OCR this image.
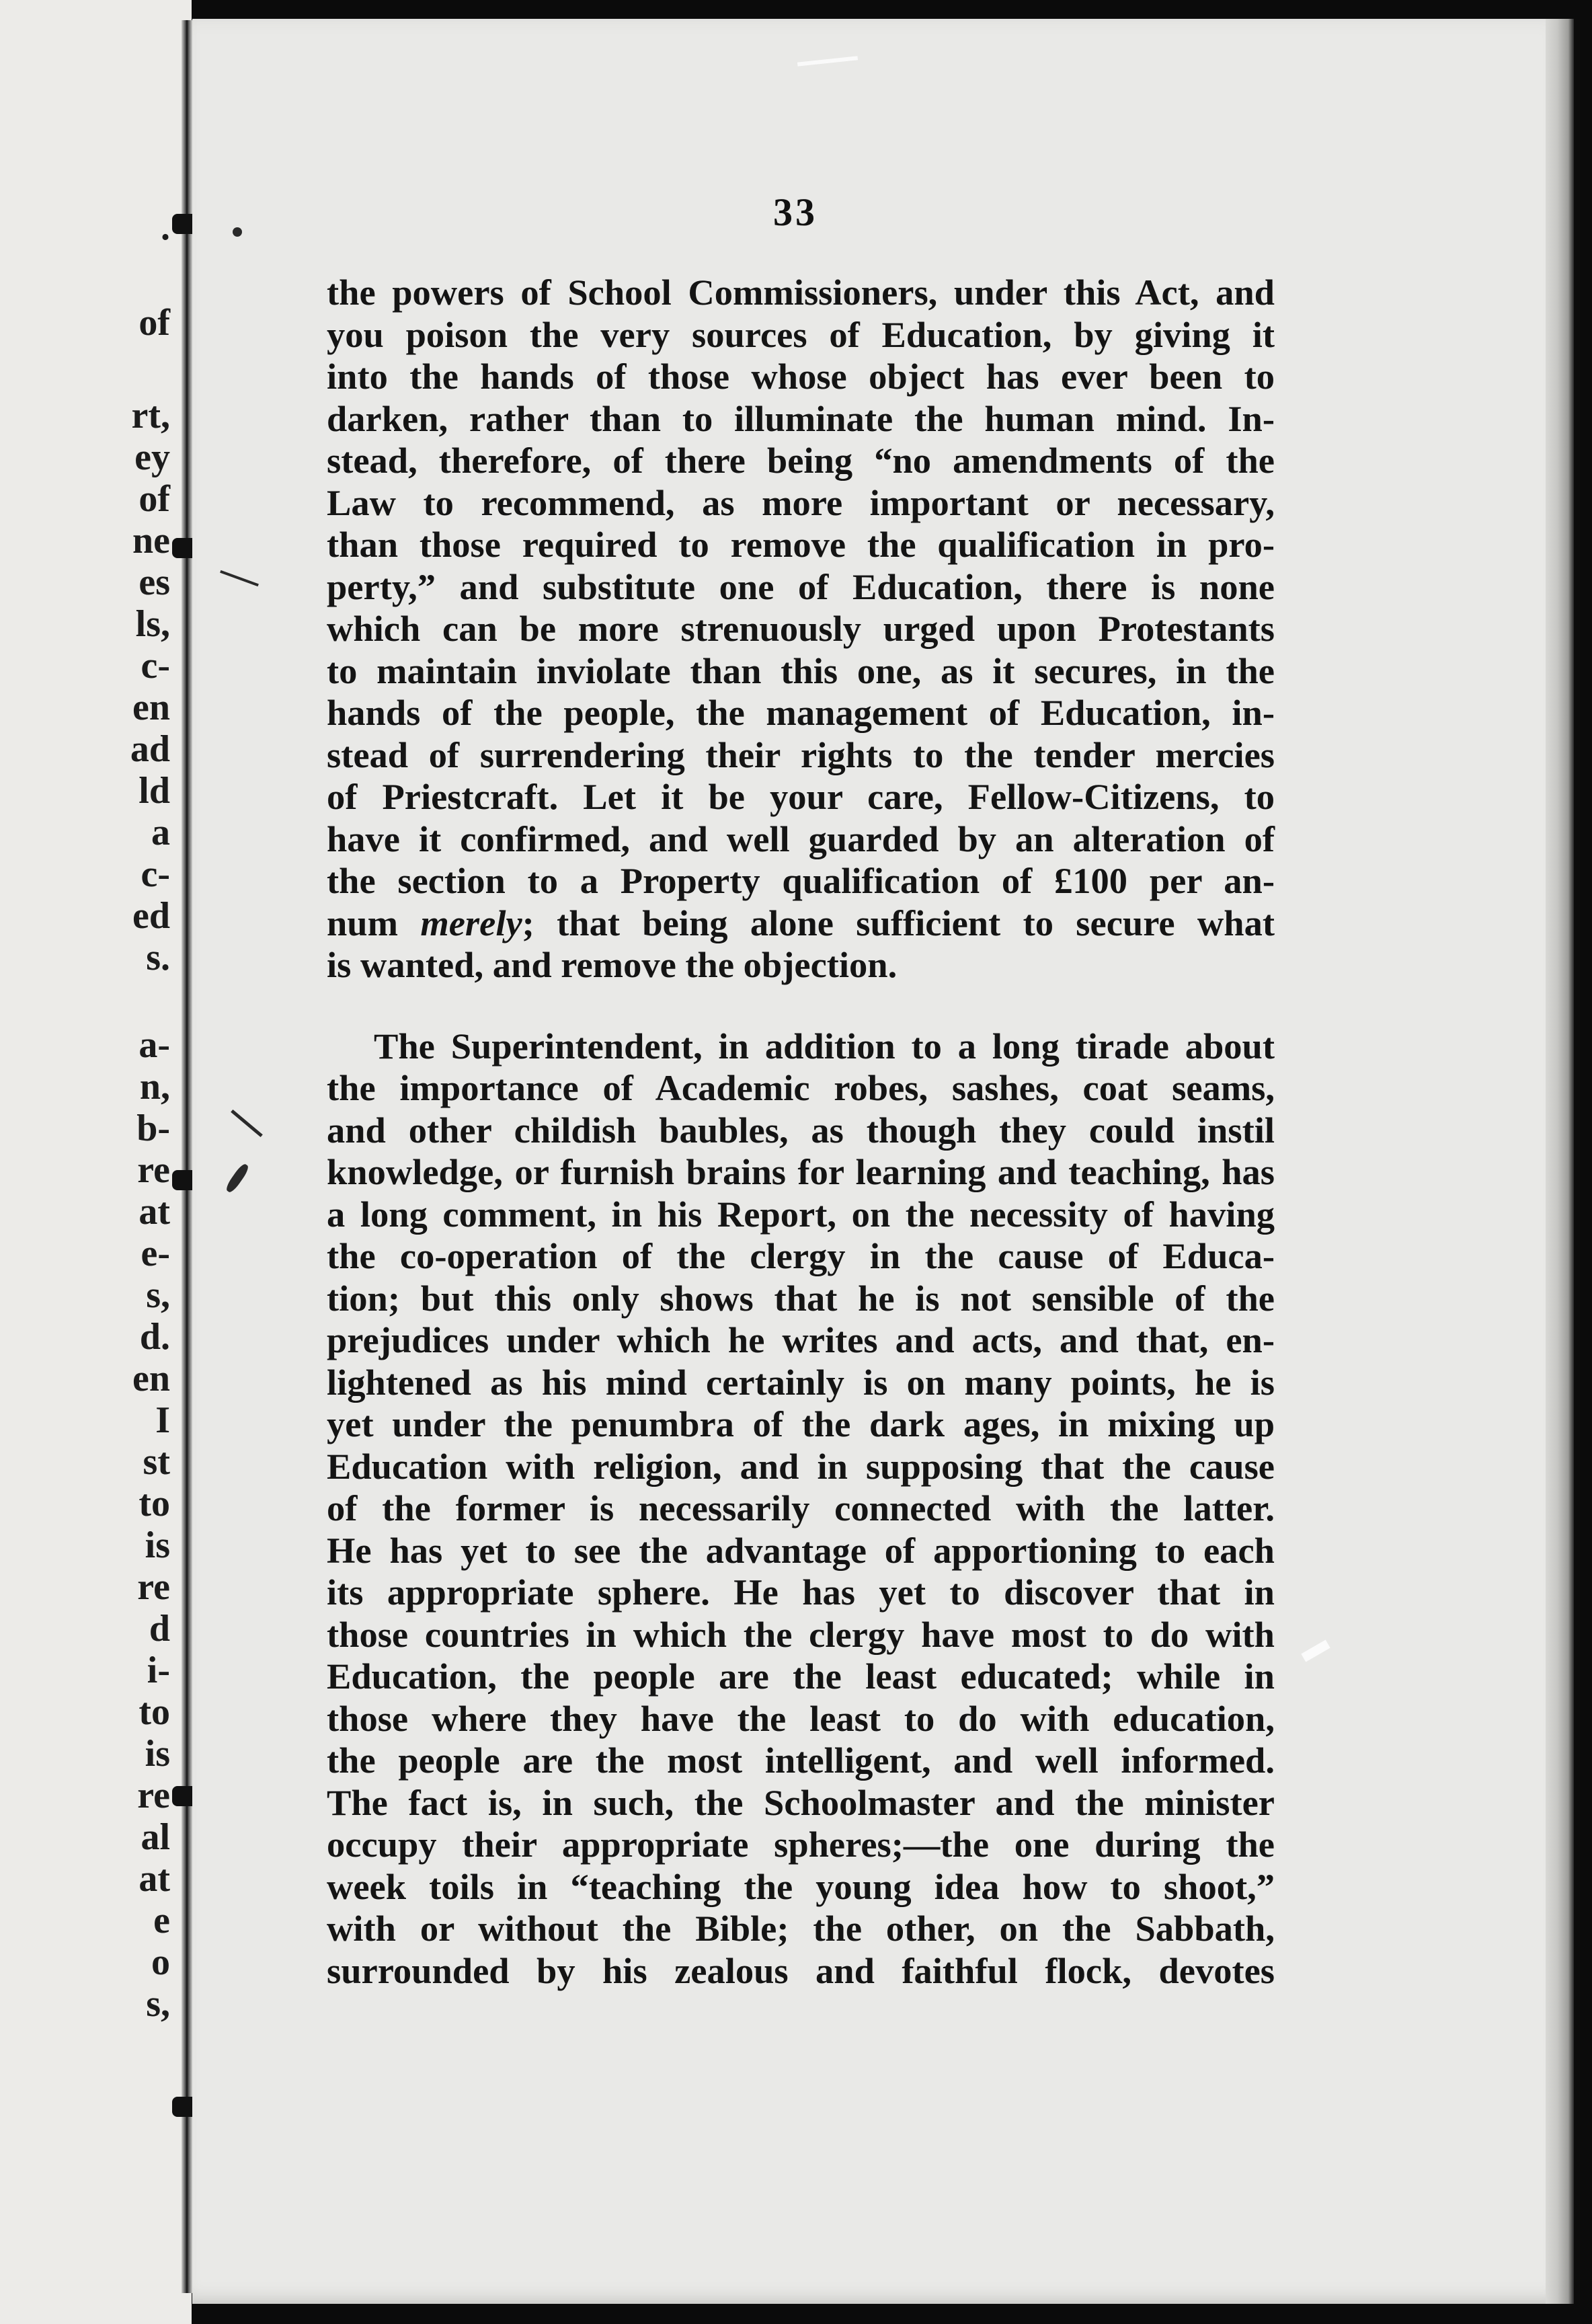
.
of
rt,
ey
of
ne
es
ls,
c-
en
ad
ld
a
c-
ed
s.
a-
n,
b-
re
at
e-
s,
d.
en
I
st
to
is
re
d
i-
to
is
re
al
at
e
o
s,
33
the powers of School Commissioners, under this Act, and
you poison the very sources of Education, by giving it
into the hands of those whose object has ever been to
darken, rather than to illuminate the human mind. In-
stead, therefore, of there being “no amendments of the
Law to recommend, as more important or necessary,
than those required to remove the qualification in pro-
perty,” and substitute one of Education, there is none
which can be more strenuously urged upon Protestants
to maintain inviolate than this one, as it secures, in the
hands of the people, the management of Education, in-
stead of surrendering their rights to the tender mercies
of Priestcraft. Let it be your care, Fellow-Citizens, to
have it confirmed, and well guarded by an alteration of
the section to a Property qualification of £100 per an-
num merely; that being alone sufficient to secure what
is wanted, and remove the objection.
The Superintendent, in addition to a long tirade about
the importance of Academic robes, sashes, coat seams,
and other childish baubles, as though they could instil
knowledge, or furnish brains for learning and teaching, has
a long comment, in his Report, on the necessity of having
the co-operation of the clergy in the cause of Educa-
tion; but this only shows that he is not sensible of the
prejudices under which he writes and acts, and that, en-
lightened as his mind certainly is on many points, he is
yet under the penumbra of the dark ages, in mixing up
Education with religion, and in supposing that the cause
of the former is necessarily connected with the latter.
He has yet to see the advantage of apportioning to each
its appropriate sphere. He has yet to discover that in
those countries in which the clergy have most to do with
Education, the people are the least educated; while in
those where they have the least to do with education,
the people are the most intelligent, and well informed.
The fact is, in such, the Schoolmaster and the minister
occupy their appropriate spheres;—the one during the
week toils in “teaching the young idea how to shoot,”
with or without the Bible; the other, on the Sabbath,
surrounded by his zealous and faithful flock, devotes
